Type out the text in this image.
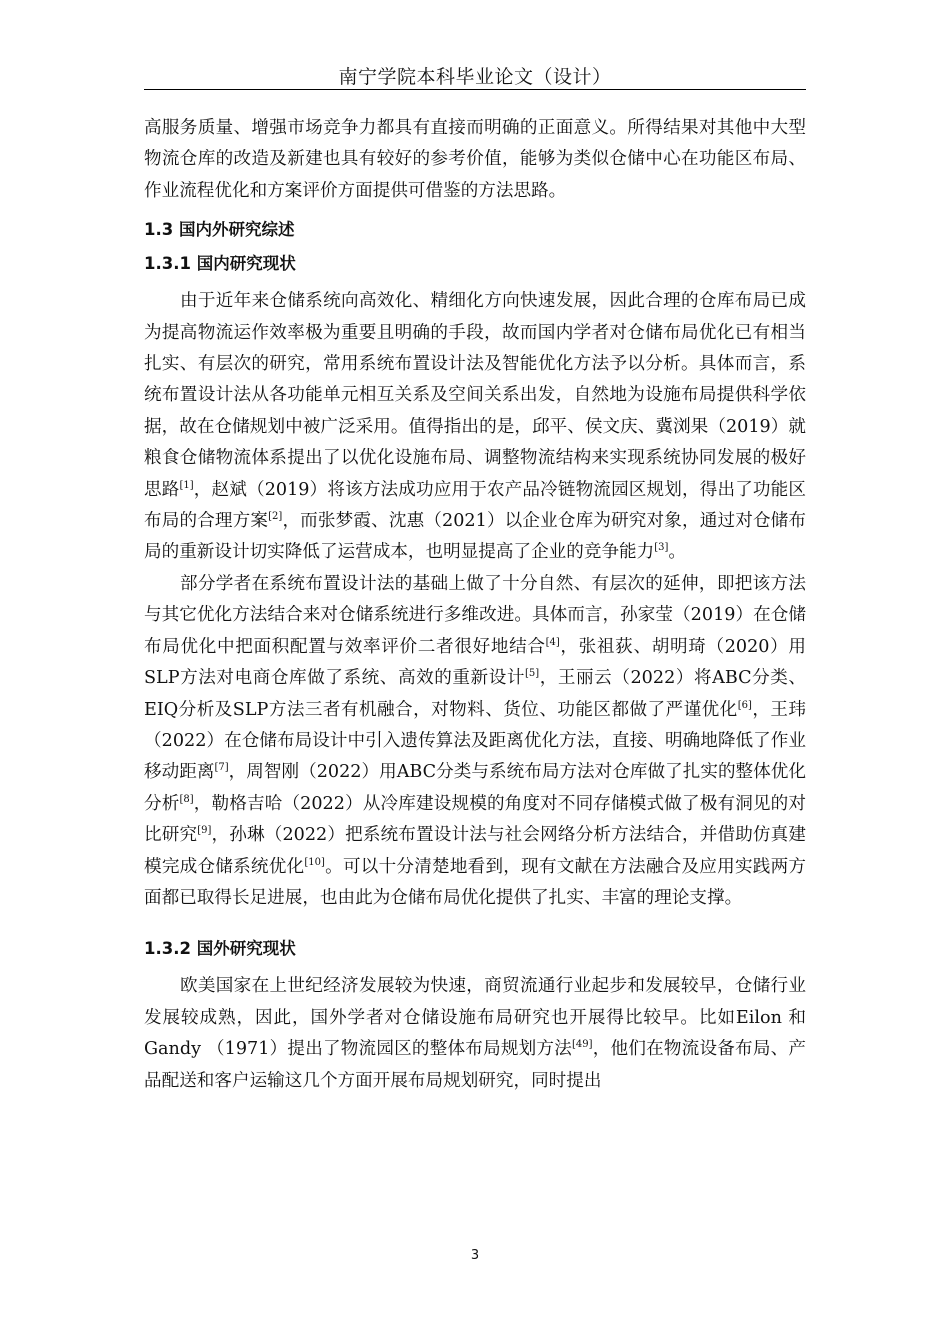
南宁学院本科毕业论文（设计）

高服务质量、增强市场竞争力都具有直接而明确的正面意义。所得结果对其他中大型物流仓库的改造及新建也具有较好的参考价值，能够为类似仓储中心在功能区布局、作业流程优化和方案评价方面提供可借鉴的方法思路。

1.3 国内外研究综述
1.3.1 国内研究现状

由于近年来仓储系统向高效化、精细化方向快速发展，因此合理的仓库布局已成为提高物流运作效率极为重要且明确的手段，故而国内学者对仓储布局优化已有相当扎实、有层次的研究，常用系统布置设计法及智能优化方法予以分析。具体而言，系统布置设计法从各功能单元相互关系及空间关系出发，自然地为设施布局提供科学依据，故在仓储规划中被广泛采用。值得指出的是，邱平、侯文庆、冀浏果（2019）就粮食仓储物流体系提出了以优化设施布局、调整物流结构来实现系统协同发展的极好思路[1]，赵斌（2019）将该方法成功应用于农产品冷链物流园区规划，得出了功能区布局的合理方案[2]，而张梦霞、沈惠（2021）以企业仓库为研究对象，通过对仓储布局的重新设计切实降低了运营成本，也明显提高了企业的竞争能力[3]。

部分学者在系统布置设计法的基础上做了十分自然、有层次的延伸，即把该方法与其它优化方法结合来对仓储系统进行多维改进。具体而言，孙家莹（2019）在仓储布局优化中把面积配置与效率评价二者很好地结合[4]，张祖荻、胡明琦（2020）用SLP方法对电商仓库做了系统、高效的重新设计[5]，王丽云（2022）将ABC分类、EIQ分析及SLP方法三者有机融合，对物料、货位、功能区都做了严谨优化[6]，王玮（2022）在仓储布局设计中引入遗传算法及距离优化方法，直接、明确地降低了作业移动距离[7]，周智刚（2022）用ABC分类与系统布局方法对仓库做了扎实的整体优化分析[8]，勒格吉哈（2022）从冷库建设规模的角度对不同存储模式做了极有洞见的对比研究[9]，孙琳（2022）把系统布置设计法与社会网络分析方法结合，并借助仿真建模完成仓储系统优化[10]。可以十分清楚地看到，现有文献在方法融合及应用实践两方面都已取得长足进展，也由此为仓储布局优化提供了扎实、丰富的理论支撑。

1.3.2 国外研究现状

欧美国家在上世纪经济发展较为快速，商贸流通行业起步和发展较早，仓储行业发展较成熟，因此，国外学者对仓储设施布局研究也开展得比较早。比如Eilon 和 Gandy （1971）提出了物流园区的整体布局规划方法[49]，他们在物流设备布局、产品配送和客户运输这几个方面开展布局规划研究，同时提出

3
